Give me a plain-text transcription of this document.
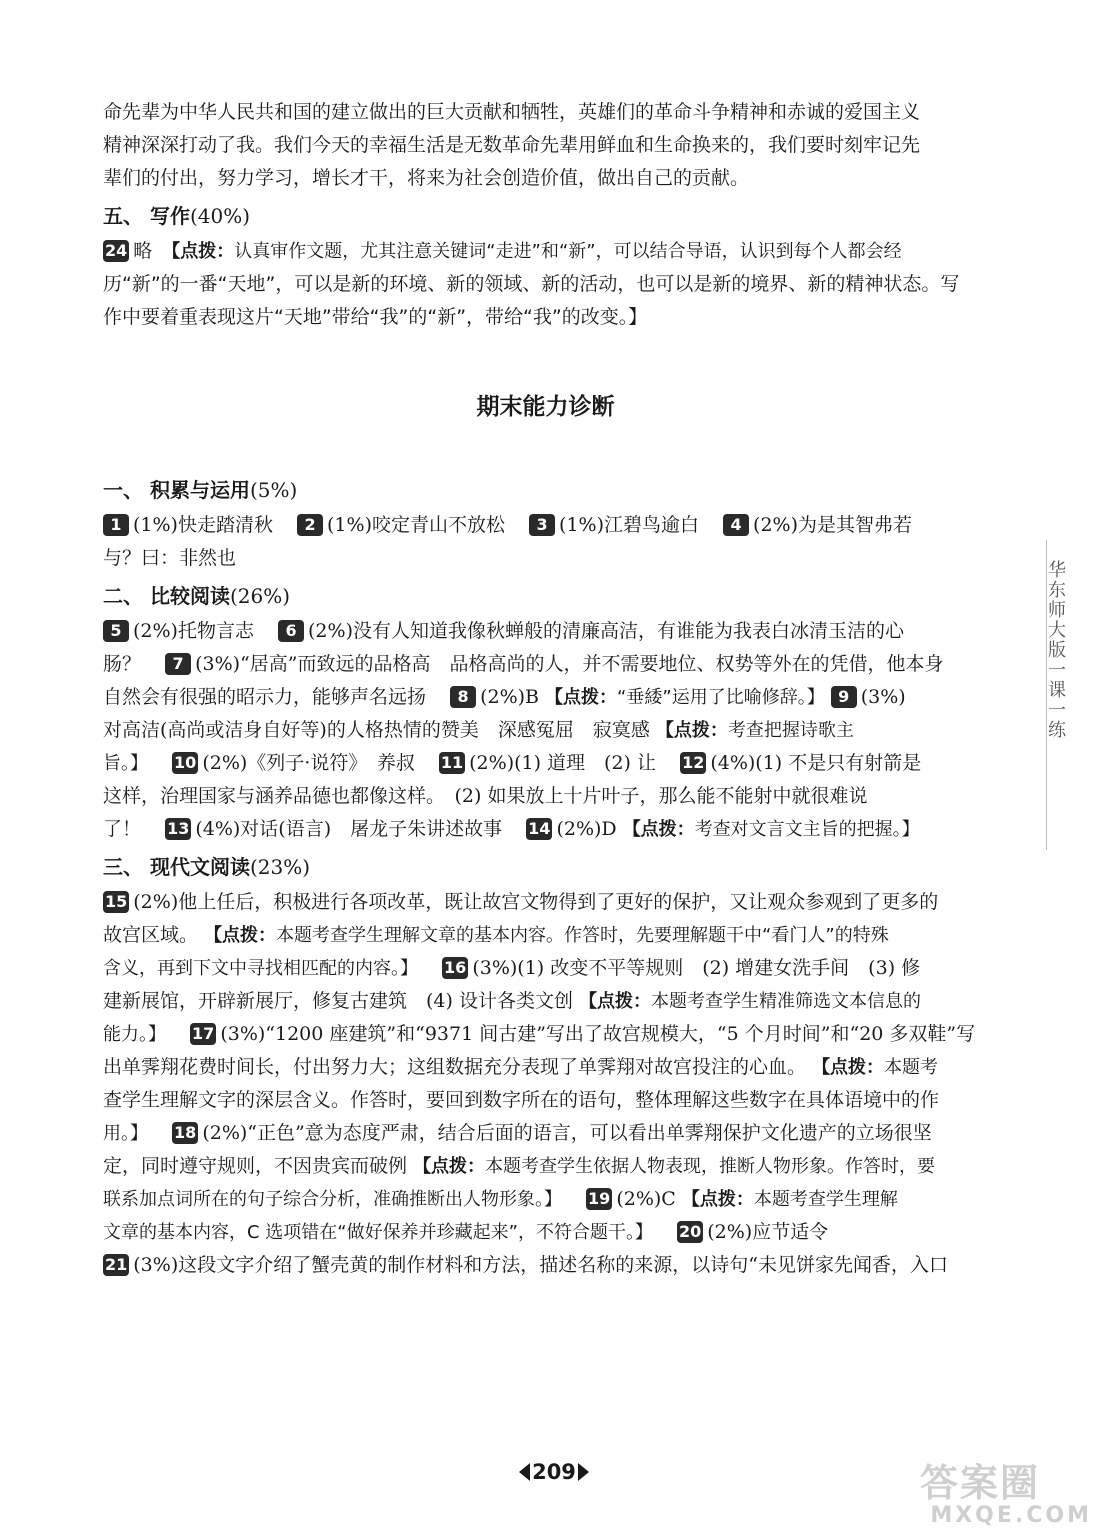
命先辈为中华人民共和国的建立做出的巨大贡献和牺牲，英雄们的革命斗争精神和赤诚的爱国主义

精神深深打动了我。我们今天的幸福生活是无数革命先辈用鲜血和生命换来的，我们要时刻牢记先

辈们的付出，努力学习，增长才干，将来为社会创造价值，做出自己的贡献。

五、 写作(40%)

24 略　 【点拨：认真审作文题，尤其注意关键词“走进”和“新”，可以结合导语，认识到每个人都会经

历“新”的一番“天地”，可以是新的环境、新的领域、新的活动，也可以是新的境界、新的精神状态。写

作中要着重表现这片“天地”带给“我”的“新”，带给“我”的改变。】

期末能力诊断
一、 积累与运用(5%)

1 (1%)快走踏清秋 2 (1%)咬定青山不放松 3 (1%)江碧鸟逾白 4 (2%)为是其智弗若

与？曰：非然也

二、 比较阅读(26%)

5 (2%)托物言志 6 (2%)没有人知道我像秋蝉般的清廉高洁，有谁能为我表白冰清玉洁的心

肠？ 7 (3%)“居高”而致远的品格高　品格高尚的人，并不需要地位、权势等外在的凭借，他本身

自然会有很强的昭示力，能够声名远扬 8 (2%)B 【点拨：“垂緌”运用了比喻修辞。】 9 (3%)

对高洁(高尚或洁身自好等)的人格热情的赞美　深感冤屈　寂寞感 【点拨：考查把握诗歌主

旨。】 10 (2%)《列子·说符》　养叔 11 (2%)(1) 道理　(2) 让 12 (4%)(1) 不是只有射箭是

这样，治理国家与涵养品德也都像这样。　(2) 如果放上十片叶子，那么能不能射中就很难说

了！ 13 (4%)对话(语言)　屠龙子朱讲述故事 14 (2%)D 【点拨：考查对文言文主旨的把握。】

三、 现代文阅读(23%)

15 (2%)他上任后，积极进行各项改革，既让故宫文物得到了更好的保护，又让观众参观到了更多的

故宫区域。 【点拨：本题考查学生理解文章的基本内容。作答时，先要理解题干中“看门人”的特殊

含义，再到下文中寻找相匹配的内容。】 16 (3%)(1) 改变不平等规则　(2) 增建女洗手间　(3) 修

建新展馆，开辟新展厅，修复古建筑　(4) 设计各类文创 【点拨：本题考查学生精准筛选文本信息的

能力。】 17 (3%)“1200 座建筑”和“9371 间古建”写出了故宫规模大，“5 个月时间”和“20 多双鞋”写

出单霁翔花费时间长，付出努力大；这组数据充分表现了单霁翔对故宫投注的心血。 【点拨：本题考

查学生理解文字的深层含义。作答时，要回到数字所在的语句，整体理解这些数字在具体语境中的作

用。】 18 (2%)“正色”意为态度严肃，结合后面的语言，可以看出单霁翔保护文化遗产的立场很坚

定，同时遵守规则，不因贵宾而破例 【点拨：本题考查学生依据人物表现，推断人物形象。作答时，要

联系加点词所在的句子综合分析，准确推断出人物形象。】 19 (2%)C 【点拨：本题考查学生理解

文章的基本内容，C 选项错在“做好保养并珍藏起来”，不符合题干。】 20 (2%)应节适令

21 (3%)这段文字介绍了蟹壳黄的制作材料和方法，描述名称的来源，以诗句“未见饼家先闻香，入口

华东师大版一课一练
209	答案圈
MXQE.COM
